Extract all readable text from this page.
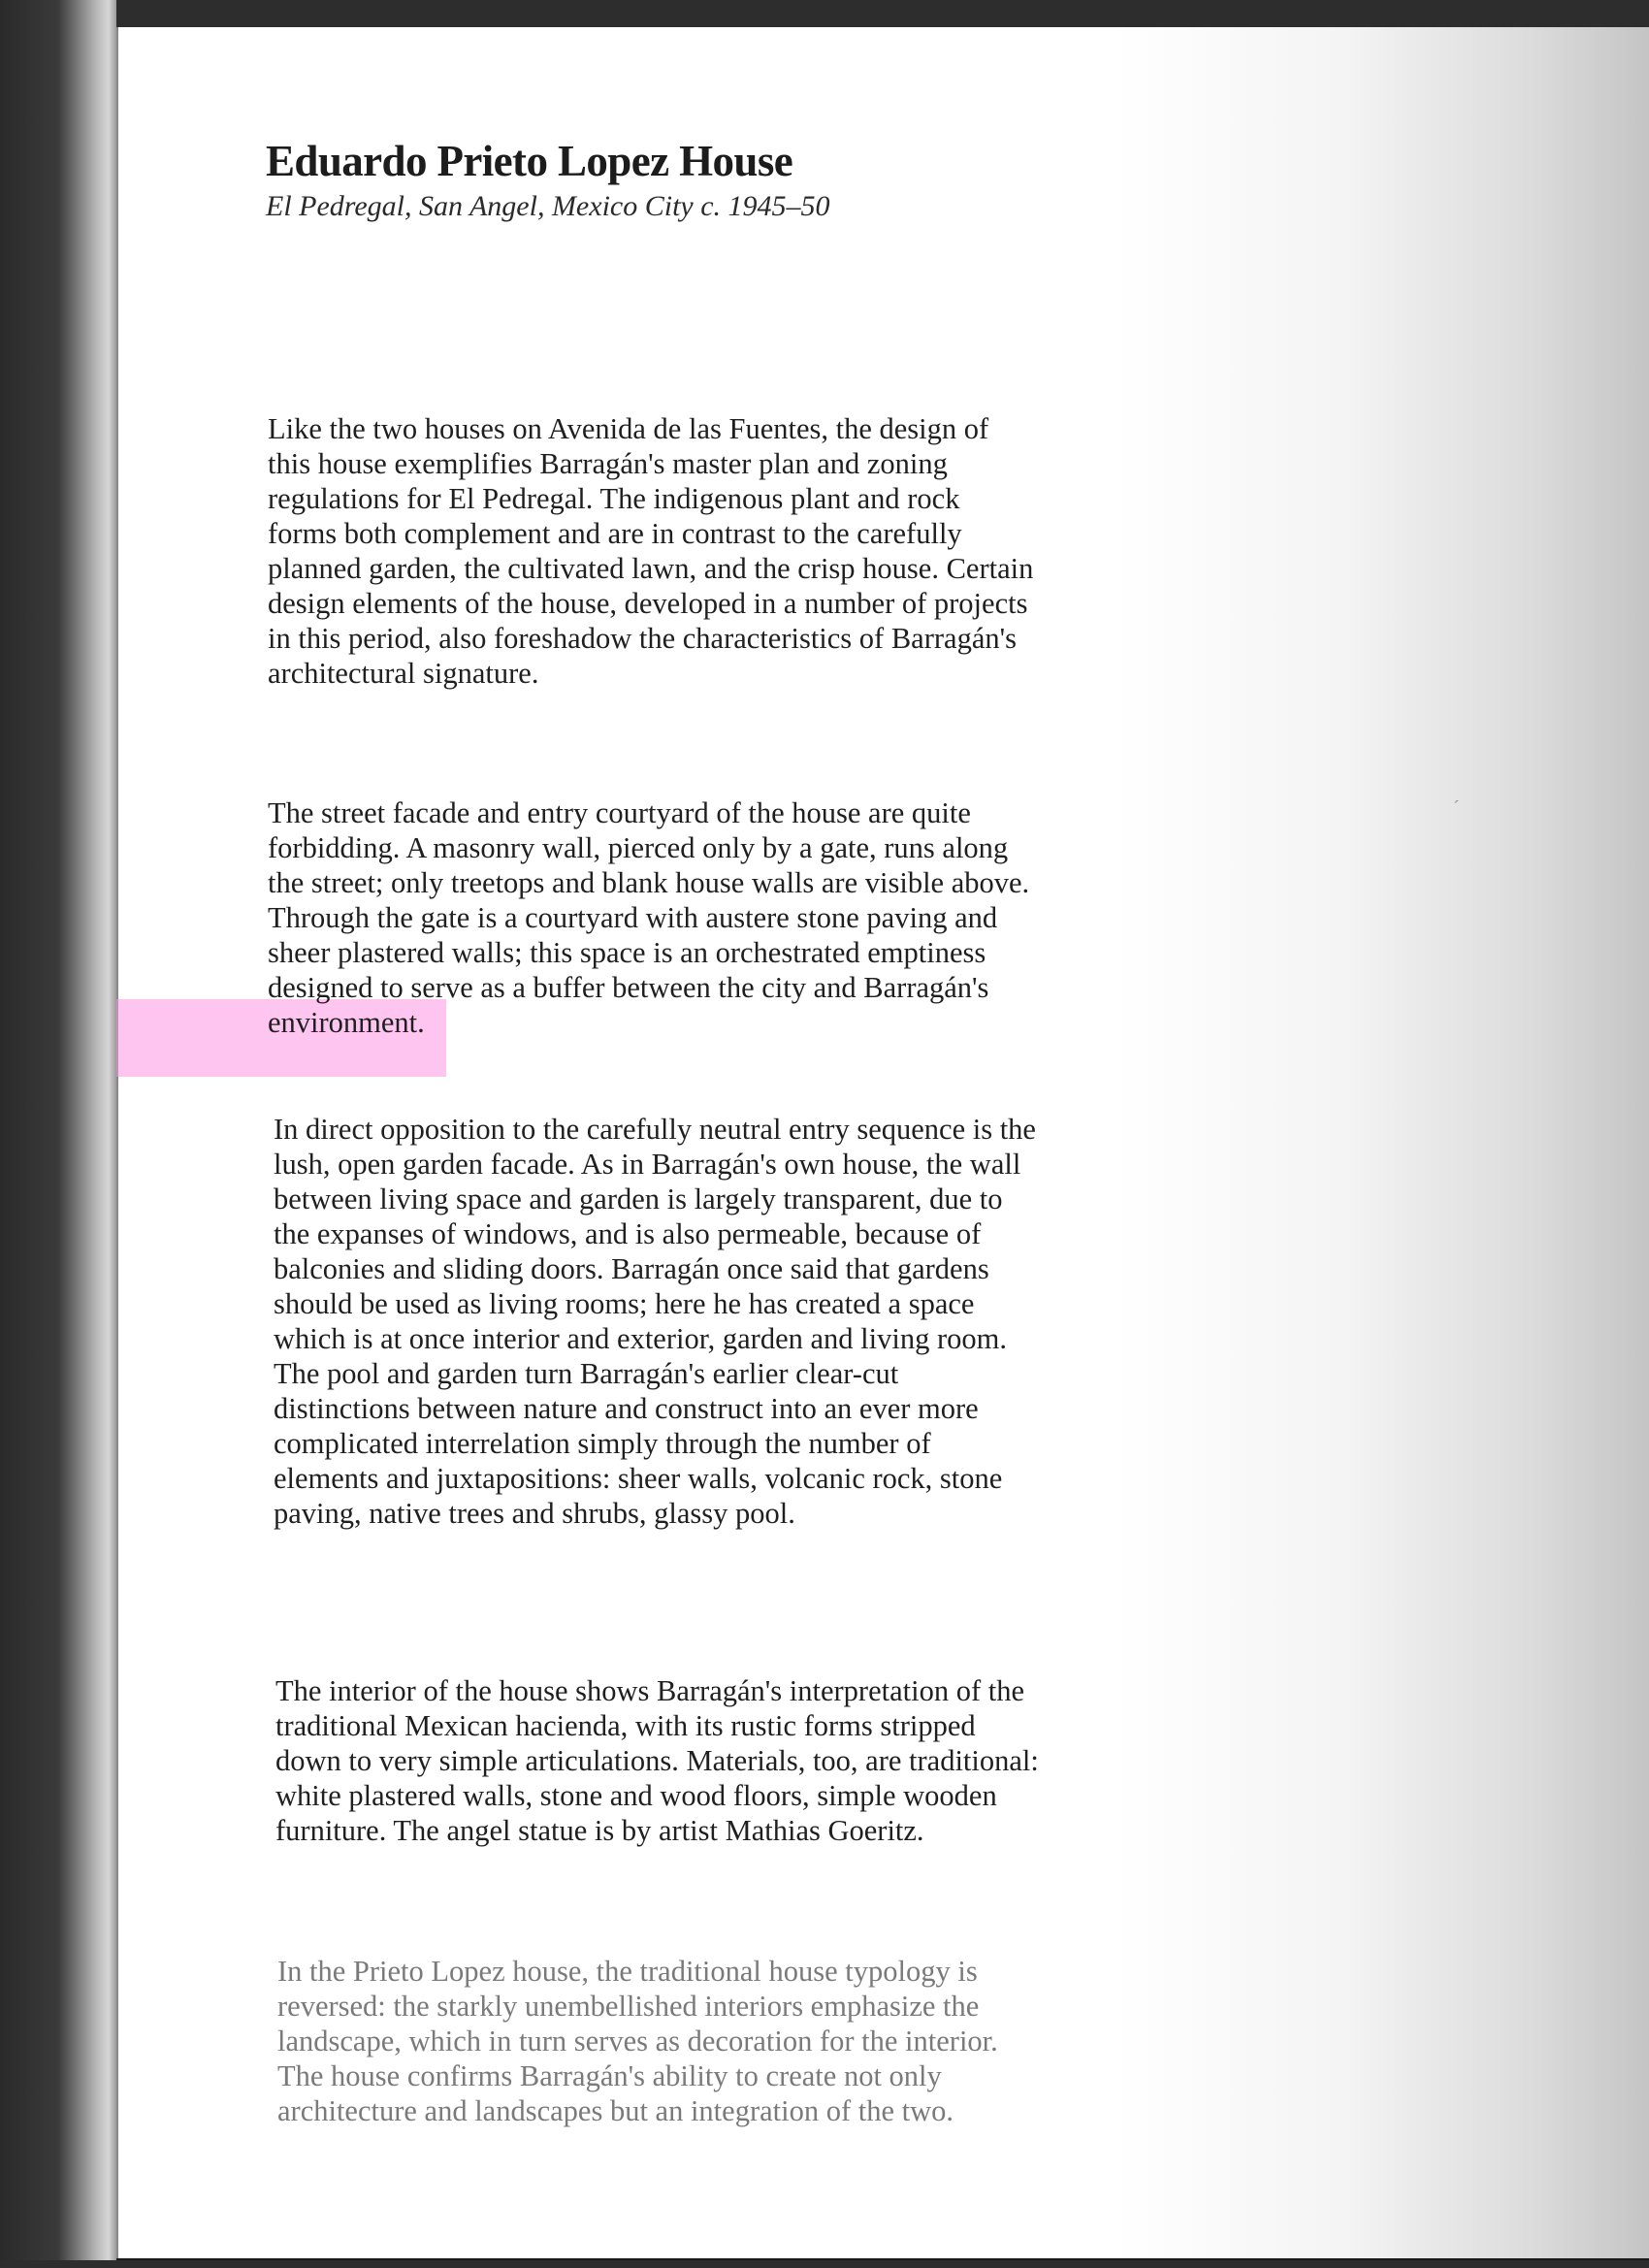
Eduardo Prieto Lopez House

El Pedregal, San Angel, Mexico City c. 1945–50

Like the two houses on Avenida de las Fuentes, the design of this house exemplifies Barragán's master plan and zoning regulations for El Pedregal. The indigenous plant and rock forms both complement and are in contrast to the carefully planned garden, the cultivated lawn, and the crisp house. Certain design elements of the house, developed in a number of projects in this period, also foreshadow the characteristics of Barragán's architectural signature.

The street facade and entry courtyard of the house are quite forbidding. A masonry wall, pierced only by a gate, runs along the street; only treetops and blank house walls are visible above. Through the gate is a courtyard with austere stone paving and sheer plastered walls; this space is an orchestrated emptiness designed to serve as a buffer between the city and Barragán's environment.

In direct opposition to the carefully neutral entry sequence is the lush, open garden facade. As in Barragán's own house, the wall between living space and garden is largely transparent, due to the expanses of windows, and is also permeable, because of balconies and sliding doors. Barragán once said that gardens should be used as living rooms; here he has created a space which is at once interior and exterior, garden and living room. The pool and garden turn Barragán's earlier clear-cut distinctions between nature and construct into an ever more complicated interrelation simply through the number of elements and juxtapositions: sheer walls, volcanic rock, stone paving, native trees and shrubs, glassy pool.

The interior of the house shows Barragán's interpretation of the traditional Mexican hacienda, with its rustic forms stripped down to very simple articulations. Materials, too, are traditional: white plastered walls, stone and wood floors, simple wooden furniture. The angel statue is by artist Mathias Goeritz.

In the Prieto Lopez house, the traditional house typology is reversed: the starkly unembellished interiors emphasize the landscape, which in turn serves as decoration for the interior. The house confirms Barragán's ability to create not only architecture and landscapes but an integration of the two.

´
